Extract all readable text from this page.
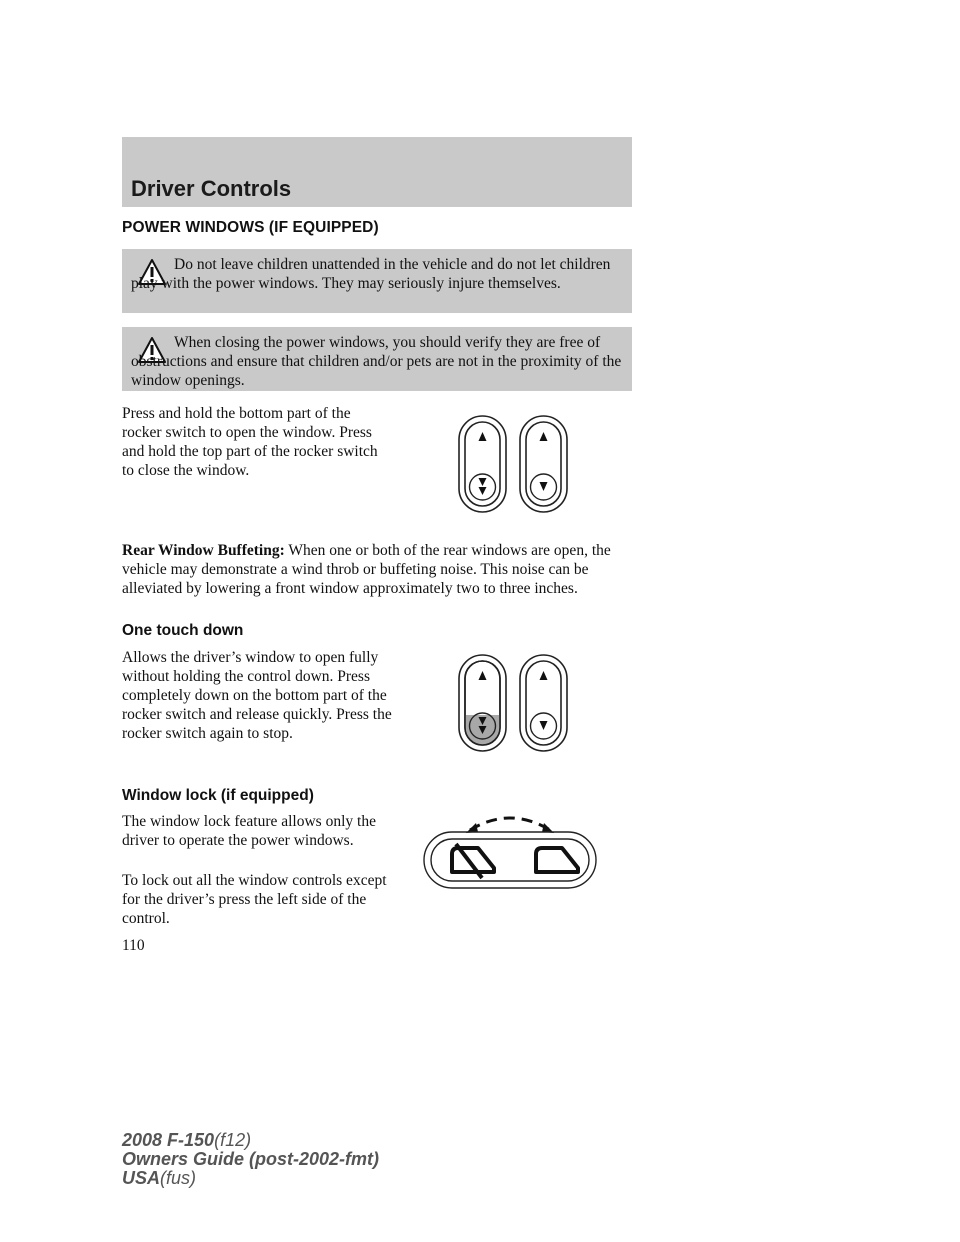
Driver Controls
POWER WINDOWS (IF EQUIPPED)
Do not leave children unattended in the vehicle and do not let children play with the power windows. They may seriously injure themselves.
When closing the power windows, you should verify they are free of obstructions and ensure that children and/or pets are not in the proximity of the window openings.
Press and hold the bottom part of the rocker switch to open the window. Press and hold the top part of the rocker switch to close the window.
Rear Window Buffeting: When one or both of the rear windows are open, the vehicle may demonstrate a wind throb or buffeting noise. This noise can be alleviated by lowering a front window approximately two to three inches.
One touch down
Allows the driver’s window to open fully without holding the control down. Press completely down on the bottom part of the rocker switch and release quickly. Press the rocker switch again to stop.
Window lock (if equipped)
The window lock feature allows only the driver to operate the power windows.
To lock out all the window controls except for the driver’s press the left side of the control.
110
2008 F-150(f12)
Owners Guide (post-2002-fmt)
USA(fus)
